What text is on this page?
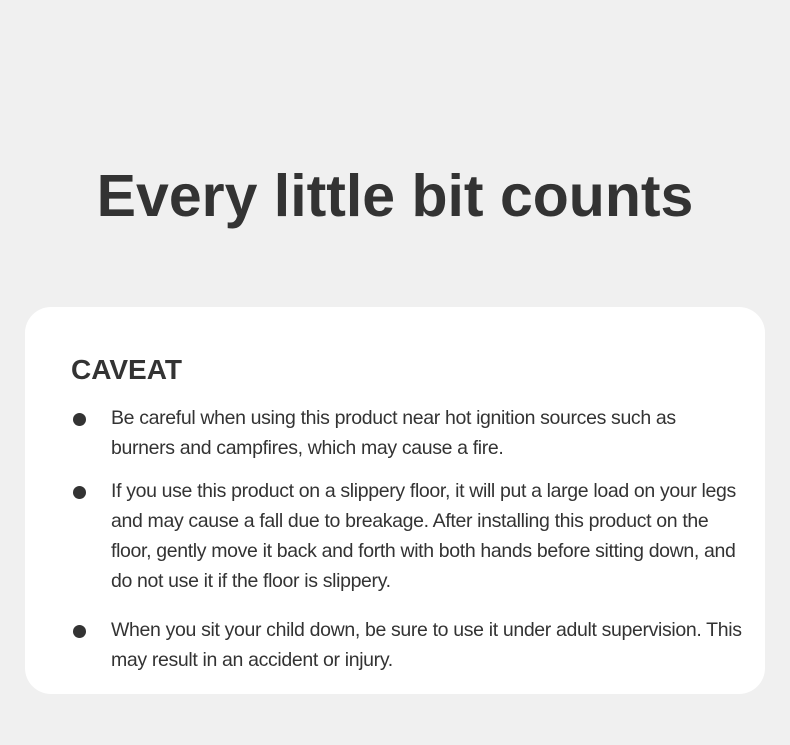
Every little bit counts
CAVEAT
Be careful when using this product near hot ignition sources such as burners and campfires, which may cause a fire.
If you use this product on a slippery floor, it will put a large load on your legs and may cause a fall due to breakage. After installing this product on the floor, gently move it back and forth with both hands before sitting down, and do not use it if the floor is slippery.
When you sit your child down, be sure to use it under adult supervision. This may result in an accident or injury.
